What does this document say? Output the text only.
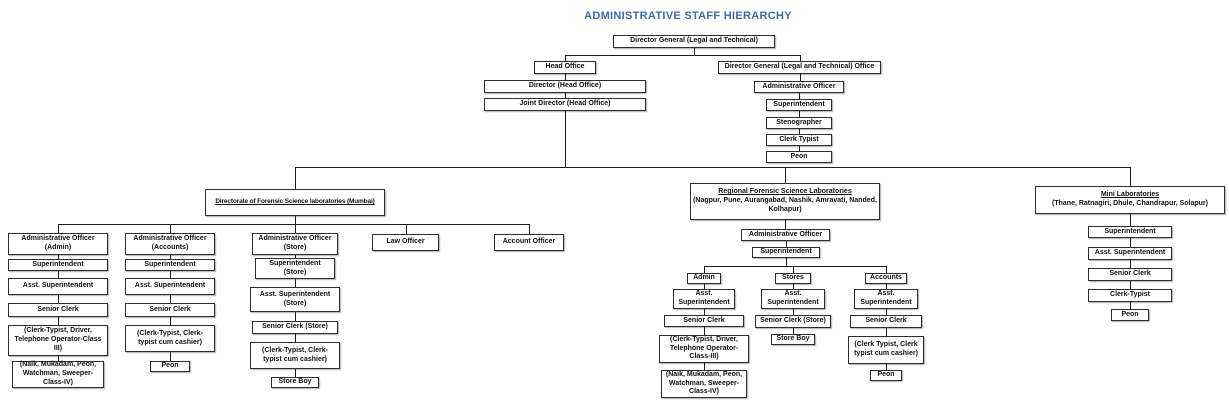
ADMINISTRATIVE STAFF HIERARCHY
Director General (Legal and Technical)
Head Office	Director General (Legal and Technical) Office
Director (Head Office)
Joint Director (Head Office)
Administrative Officer
Superintendent
Stenographer
Clerk Typist
Peon
Directorate of Forensic Science laboratories (Mumbai)
Regional Forensic Science Laboratories
(Nagpur, Pune, Aurangabad, Nashik, Amravati, Nanded, Kolhapur)
Mini Laboratories
(Thane, Ratnagiri, Dhule, Chandrapur, Solapur)
Administrative Officer
(Admin)
Administrative Officer
(Accounts)
Administrative Officer
(Store)
Law Officer	Account Officer
Superintendent
Asst. Superintendent
Senior Clerk
(Clerk-Typist, Driver, Telephone Operator-Class III)
(Naik, Mukadam, Peon, Watchman, Sweeper-Class-IV)
Superintendent
Asst. Superintendent
Senior Clerk
(Clerk-Typist, Clerk-typist cum cashier)
Peon
Superintendent (Store)
Asst. Superintendent (Store)
Senior Clerk (Store)
(Clerk-Typist, Clerk-typist cum cashier)
Store Boy
Administrative Officer
Superintendent
Admin	Stores	Accounts
Asst. Superintendent
Senior Clerk
(Clerk-Typist, Driver, Telephone Operator-Class-III)
(Naik, Mukadam, Peon, Watchman, Sweeper-Class-IV)
Asst. Superintendent
Senior Clerk (Store)
Store Boy
Asst. Superintendent
Senior Clerk
(Clerk Typist, Clerk typist cum cashier)
Peon
Superintendent
Asst. Superintendent
Senior Clerk
Clerk-Typist
Peon
